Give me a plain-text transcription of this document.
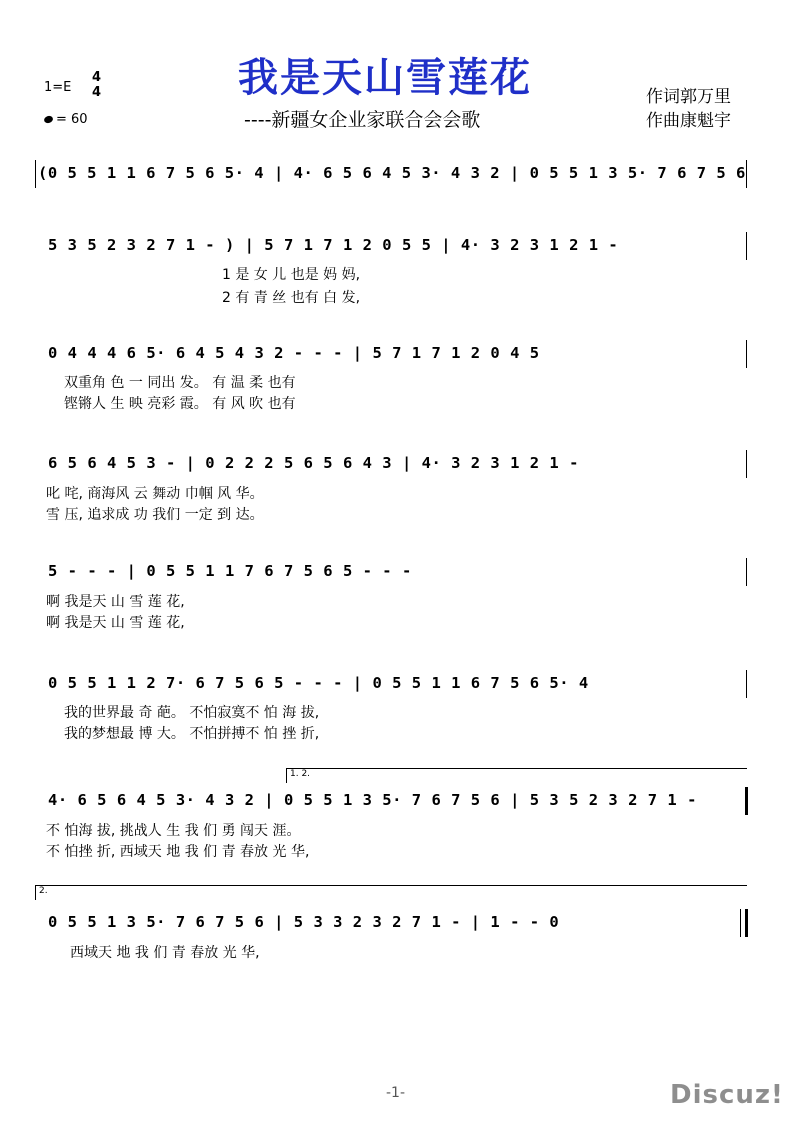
我是天山雪莲花
----新疆女企业家联合会会歌
作词郭万里
作曲康魁宇
1=E
4
4
= 60
(0 5 5 1 1 6 7 5 6 5· 4 | 4· 6 5 6 4 5 3· 4 3 2 | 0 5 5 1 3 5· 7 6 7 5 6
5 3 5 2 3 2 7 1 - ) | 5 7 1 7 1 2 0 5 5 | 4· 3 2 3 1 2 1 -
1 是 女 儿 也是 妈 妈,
2 有 青 丝 也有 白 发,
0 4 4 4 6 5· 6 4 5 4 3 2 - - - | 5 7 1 7 1 2 0 4 5
双重角 色 一 同出 发。 有 温 柔 也有
铿锵人 生 映 亮彩 霞。 有 风 吹 也有
6 5 6 4 5 3 - | 0 2 2 2 5 6 5 6 4 3 | 4· 3 2 3 1 2 1 -
叱 咤, 商海风 云 舞动 巾帼 风 华。
雪 压, 追求成 功 我们 一定 到 达。
5 - - - | 0 5 5 1 1 7 6 7 5 6 5 - - -
啊 我是天 山 雪 莲 花,
啊 我是天 山 雪 莲 花,
0 5 5 1 1 2 7· 6 7 5 6 5 - - - | 0 5 5 1 1 6 7 5 6 5· 4
我的世界最 奇 葩。 不怕寂寞不 怕 海 拔,
我的梦想最 博 大。 不怕拼搏不 怕 挫 折,
1. 2.
4· 6 5 6 4 5 3· 4 3 2 | 0 5 5 1 3 5· 7 6 7 5 6 | 5 3 5 2 3 2 7 1 -
不 怕海 拔, 挑战人 生 我 们 勇 闯天 涯。
不 怕挫 折, 西域天 地 我 们 青 春放 光 华,
2.
0 5 5 1 3 5· 7 6 7 5 6 | 5 3 3 2 3 2 7 1 - | 1 - - 0
西域天 地 我 们 青 春放 光 华,
-1-	Discuz!
